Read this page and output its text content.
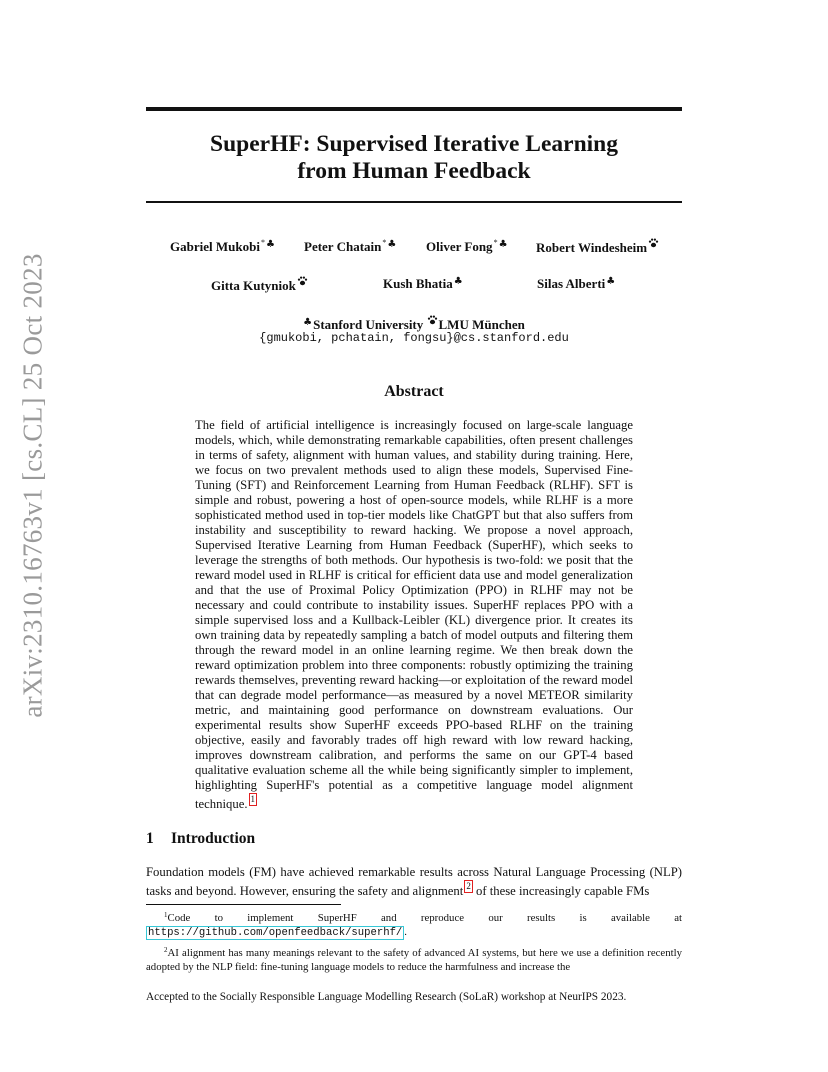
arXiv:2310.16763v1 [cs.CL] 25 Oct 2023
SuperHF: Supervised Iterative Learning
from Human Feedback
Gabriel Mukobi*♣ Peter Chatain*♣ Oliver Fong*♣ Robert Windesheim
Gitta Kutyniok	Kush Bhatia♣	Silas Alberti♣
♣Stanford University LMU München
{gmukobi, pchatain, fongsu}@cs.stanford.edu
Abstract
The field of artificial intelligence is increasingly focused on large-scale language models, which, while demonstrating remarkable capabilities, often present challenges in terms of safety, alignment with human values, and stability during training. Here, we focus on two prevalent methods used to align these models, Supervised Fine-Tuning (SFT) and Reinforcement Learning from Human Feedback (RLHF). SFT is simple and robust, powering a host of open-source models, while RLHF is a more sophisticated method used in top-tier models like ChatGPT but that also suffers from instability and susceptibility to reward hacking. We propose a novel approach, Supervised Iterative Learning from Human Feedback (SuperHF), which seeks to leverage the strengths of both methods. Our hypothesis is two-fold: we posit that the reward model used in RLHF is critical for efficient data use and model generalization and that the use of Proximal Policy Optimization (PPO) in RLHF may not be necessary and could contribute to instability issues. SuperHF replaces PPO with a simple supervised loss and a Kullback-Leibler (KL) divergence prior. It creates its own training data by repeatedly sampling a batch of model outputs and filtering them through the reward model in an online learning regime. We then break down the reward optimization problem into three components: robustly optimizing the training rewards themselves, preventing reward hacking—or exploitation of the reward model that can degrade model performance—as measured by a novel METEOR similarity metric, and maintaining good performance on downstream evaluations. Our experimental results show SuperHF exceeds PPO-based RLHF on the training objective, easily and favorably trades off high reward with low reward hacking, improves downstream calibration, and performs the same on our GPT-4 based qualitative evaluation scheme all the while being significantly simpler to implement, highlighting SuperHF's potential as a competitive language model alignment technique. 1
1 Introduction
Foundation models (FM) have achieved remarkable results across Natural Language Processing (NLP) tasks and beyond. However, ensuring the safety and alignment 2 of these increasingly capable FMs
$^1$Code to implement SuperHF and reproduce our results is available at https://github.com/openfeedback/superhf/ .
$^2$AI alignment has many meanings relevant to the safety of advanced AI systems, but here we use a definition recently adopted by the NLP field: fine-tuning language models to reduce the harmfulness and increase the
Accepted to the Socially Responsible Language Modelling Research (SoLaR) workshop at NeurIPS 2023.
